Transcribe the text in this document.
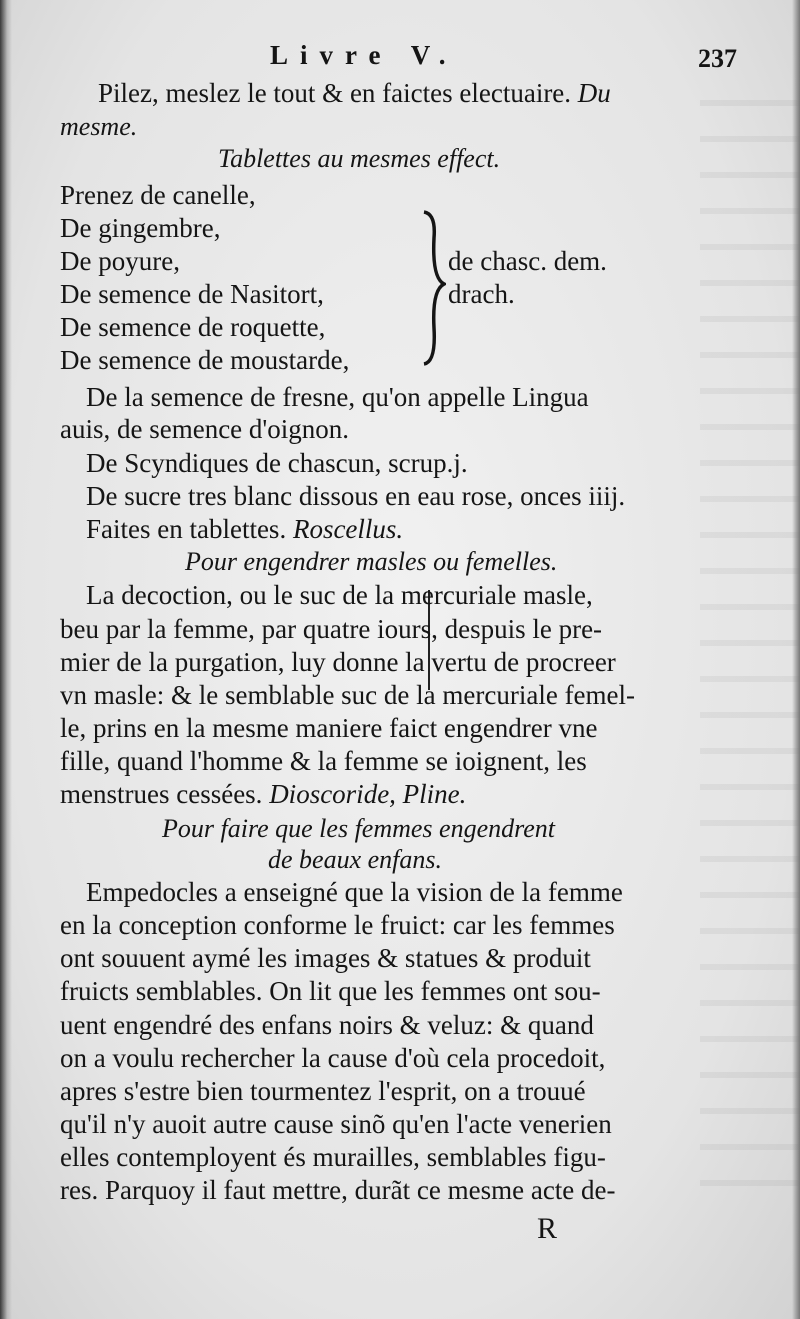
Livre V.	237
Pilez, meslez le tout & en faictes electuaire. Du
mesme.
Tablettes au mesmes effect.
Prenez de canelle,
De gingembre,
De poyure,
De semence de Nasitort,
De semence de roquette,
De semence de moustarde,
de chasc. dem.
drach.
De la semence de fresne, qu'on appelle Lingua
auis, de semence d'oignon.
De Scyndiques de chascun, scrup.j.
De sucre tres blanc dissous en eau rose, onces iiij.
Faites en tablettes. Roscellus.
Pour engendrer masles ou femelles.
La decoction, ou le suc de la mercuriale masle,
beu par la femme, par quatre iours, despuis le pre-
mier de la purgation, luy donne la vertu de procreer
vn masle: & le semblable suc de la mercuriale femel-
le, prins en la mesme maniere faict engendrer vne
fille, quand l'homme & la femme se ioignent, les
menstrues cessées. Dioscoride, Pline.
Pour faire que les femmes engendrent
de beaux enfans.
Empedocles a enseigné que la vision de la femme
en la conception conforme le fruict: car les femmes
ont souuent aymé les images & statues & produit
fruicts semblables. On lit que les femmes ont sou-
uent engendré des enfans noirs & veluz: & quand
on a voulu rechercher la cause d'où cela procedoit,
apres s'estre bien tourmentez l'esprit, on a trouué
qu'il n'y auoit autre cause sinõ qu'en l'acte venerien
elles contemployent és murailles, semblables figu-
res. Parquoy il faut mettre, durãt ce mesme acte de-
R
